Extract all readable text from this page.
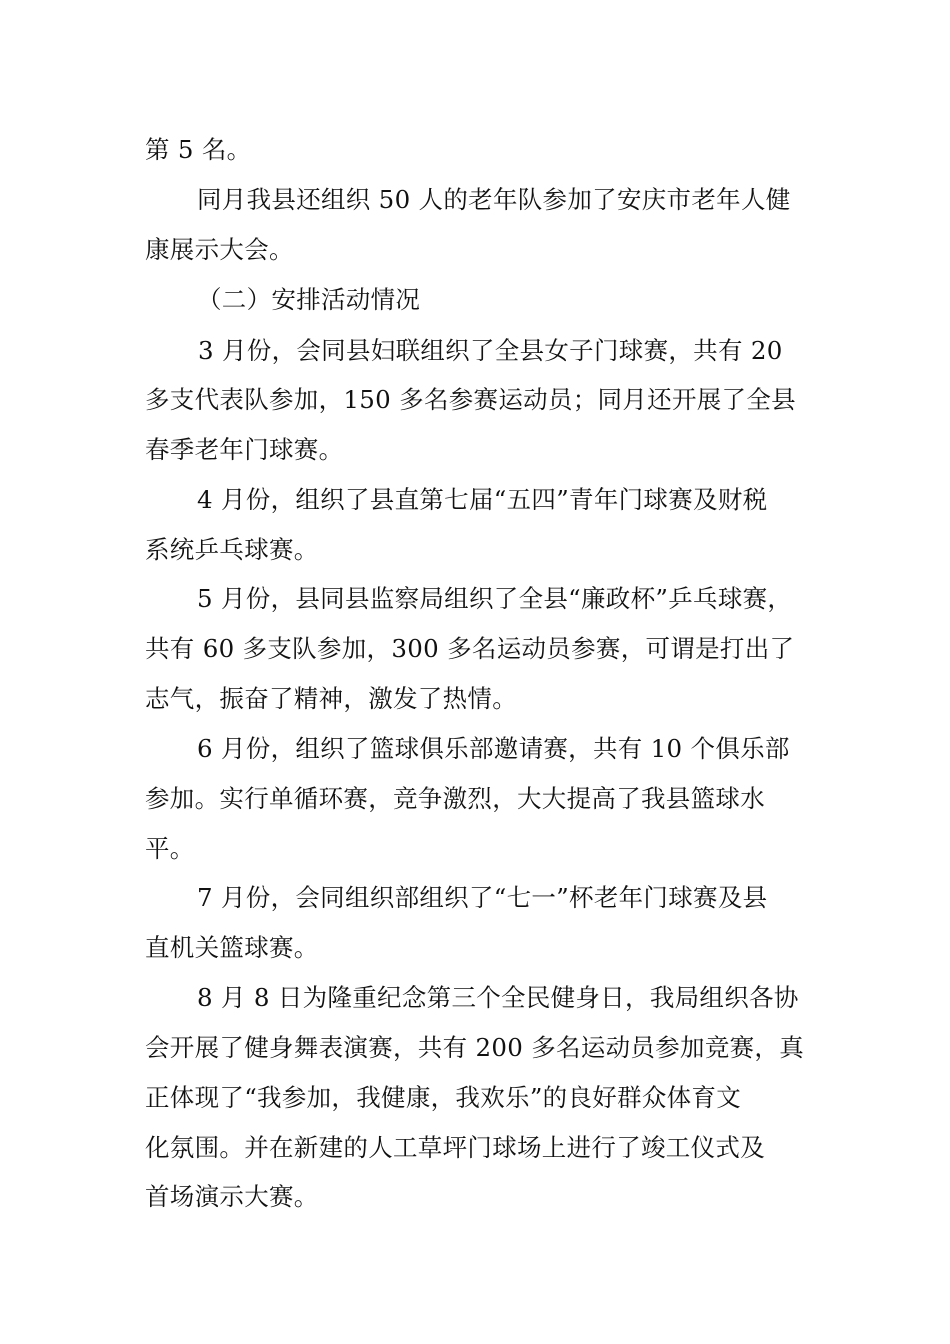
第 5 名。
同月我县还组织 50 人的老年队参加了安庆市老年人健
康展示大会。
（二）安排活动情况
3 月份，会同县妇联组织了全县女子门球赛，共有 20
多支代表队参加，150 多名参赛运动员；同月还开展了全县
春季老年门球赛。
4 月份，组织了县直第七届“五四”青年门球赛及财税
系统乒乓球赛。
5 月份，县同县监察局组织了全县“廉政杯”乒乓球赛，
共有 60 多支队参加，300 多名运动员参赛，可谓是打出了
志气，振奋了精神，激发了热情。
6 月份，组织了篮球俱乐部邀请赛，共有 10 个俱乐部
参加。实行单循环赛，竞争激烈，大大提高了我县篮球水
平。
7 月份，会同组织部组织了“七一”杯老年门球赛及县
直机关篮球赛。
8 月 8 日为隆重纪念第三个全民健身日，我局组织各协
会开展了健身舞表演赛，共有 200 多名运动员参加竞赛，真
正体现了“我参加，我健康，我欢乐”的良好群众体育文
化氛围。并在新建的人工草坪门球场上进行了竣工仪式及
首场演示大赛。
